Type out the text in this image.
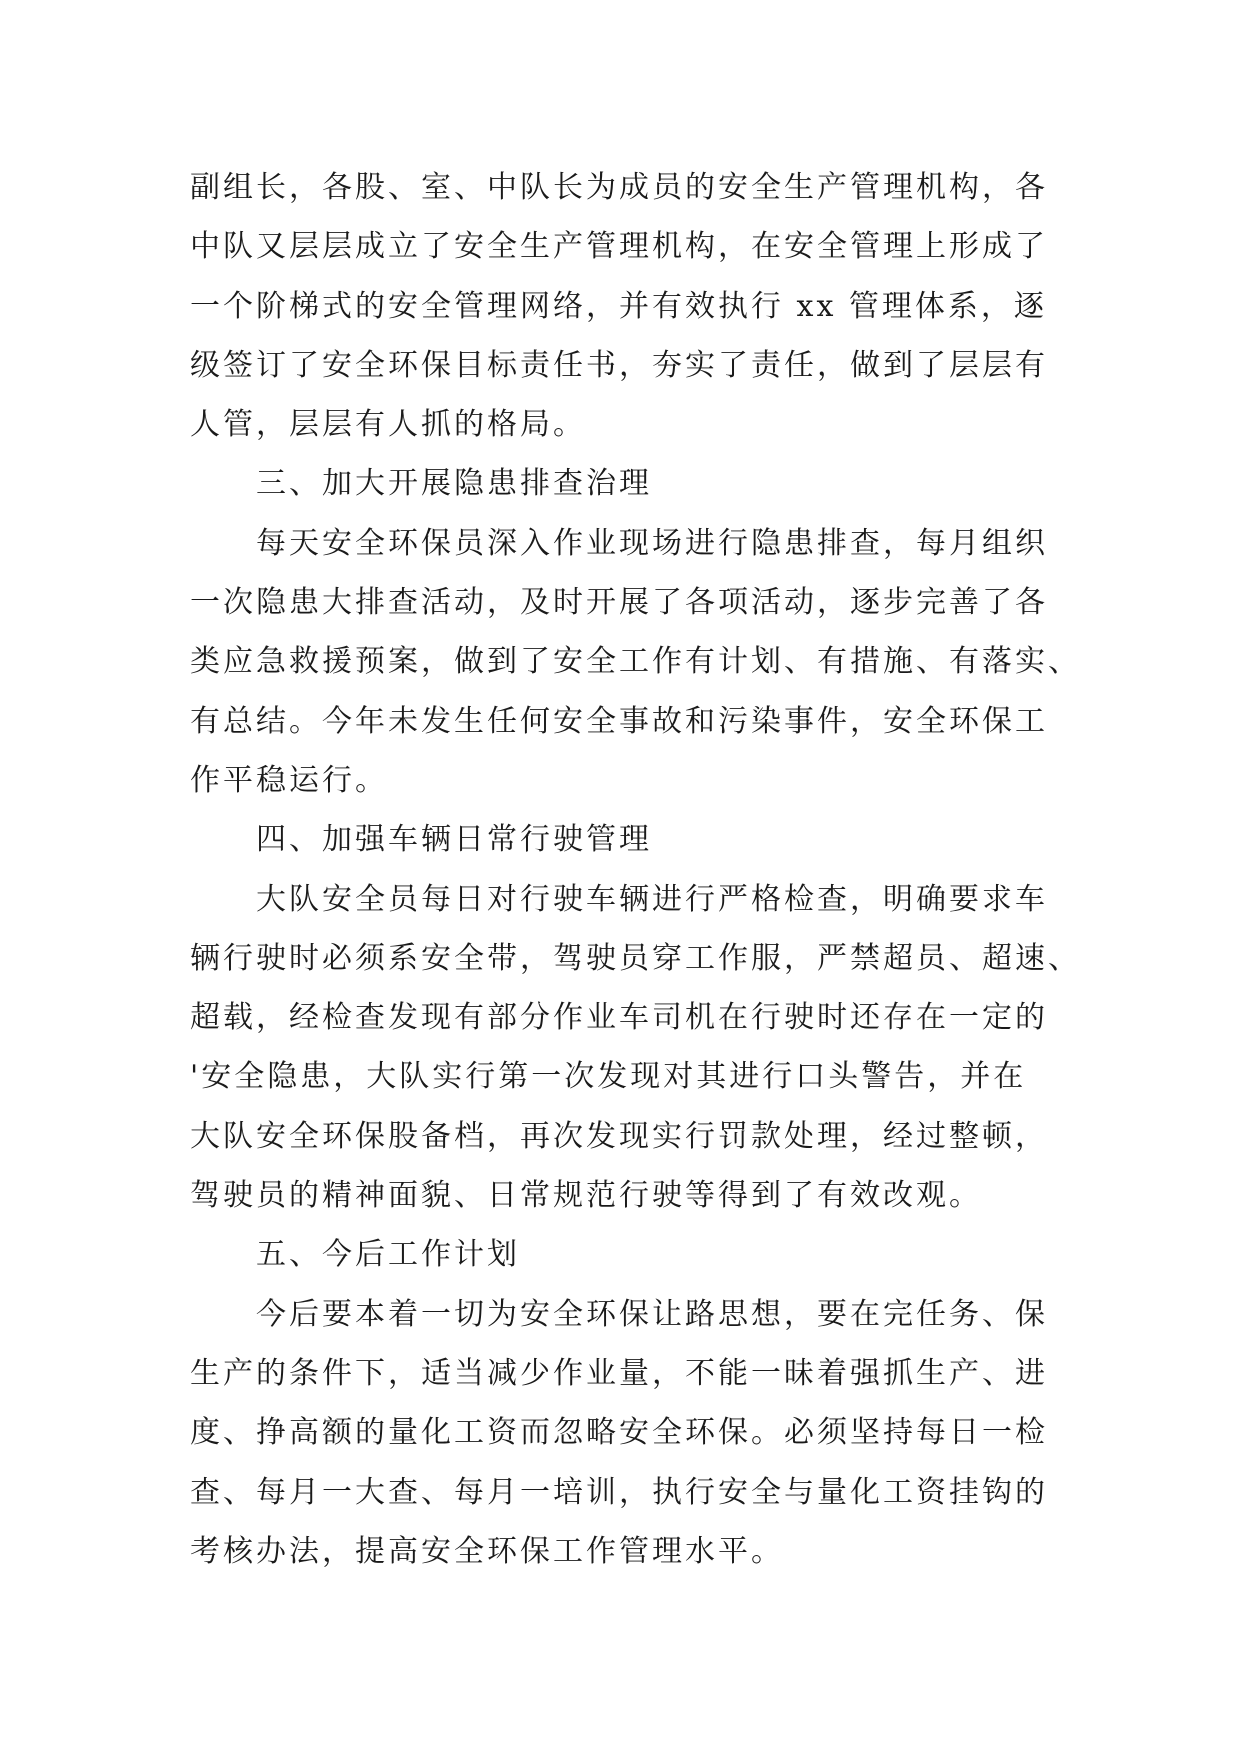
副组长，各股、室、中队长为成员的安全生产管理机构，各
中队又层层成立了安全生产管理机构，在安全管理上形成了
一个阶梯式的安全管理网络，并有效执行 xx 管理体系，逐
级签订了安全环保目标责任书，夯实了责任，做到了层层有
人管，层层有人抓的格局。

三、加大开展隐患排查治理

每天安全环保员深入作业现场进行隐患排查，每月组织
一次隐患大排查活动，及时开展了各项活动，逐步完善了各
类应急救援预案，做到了安全工作有计划、有措施、有落实、
有总结。今年未发生任何安全事故和污染事件，安全环保工
作平稳运行。

四、加强车辆日常行驶管理

大队安全员每日对行驶车辆进行严格检查，明确要求车
辆行驶时必须系安全带，驾驶员穿工作服，严禁超员、超速、
超载，经检查发现有部分作业车司机在行驶时还存在一定的
'安全隐患，大队实行第一次发现对其进行口头警告，并在
大队安全环保股备档，再次发现实行罚款处理，经过整顿，
驾驶员的精神面貌、日常规范行驶等得到了有效改观。

五、今后工作计划

今后要本着一切为安全环保让路思想，要在完任务、保
生产的条件下，适当减少作业量，不能一昧着强抓生产、进
度、挣高额的量化工资而忽略安全环保。必须坚持每日一检
查、每月一大查、每月一培训，执行安全与量化工资挂钩的
考核办法，提高安全环保工作管理水平。
